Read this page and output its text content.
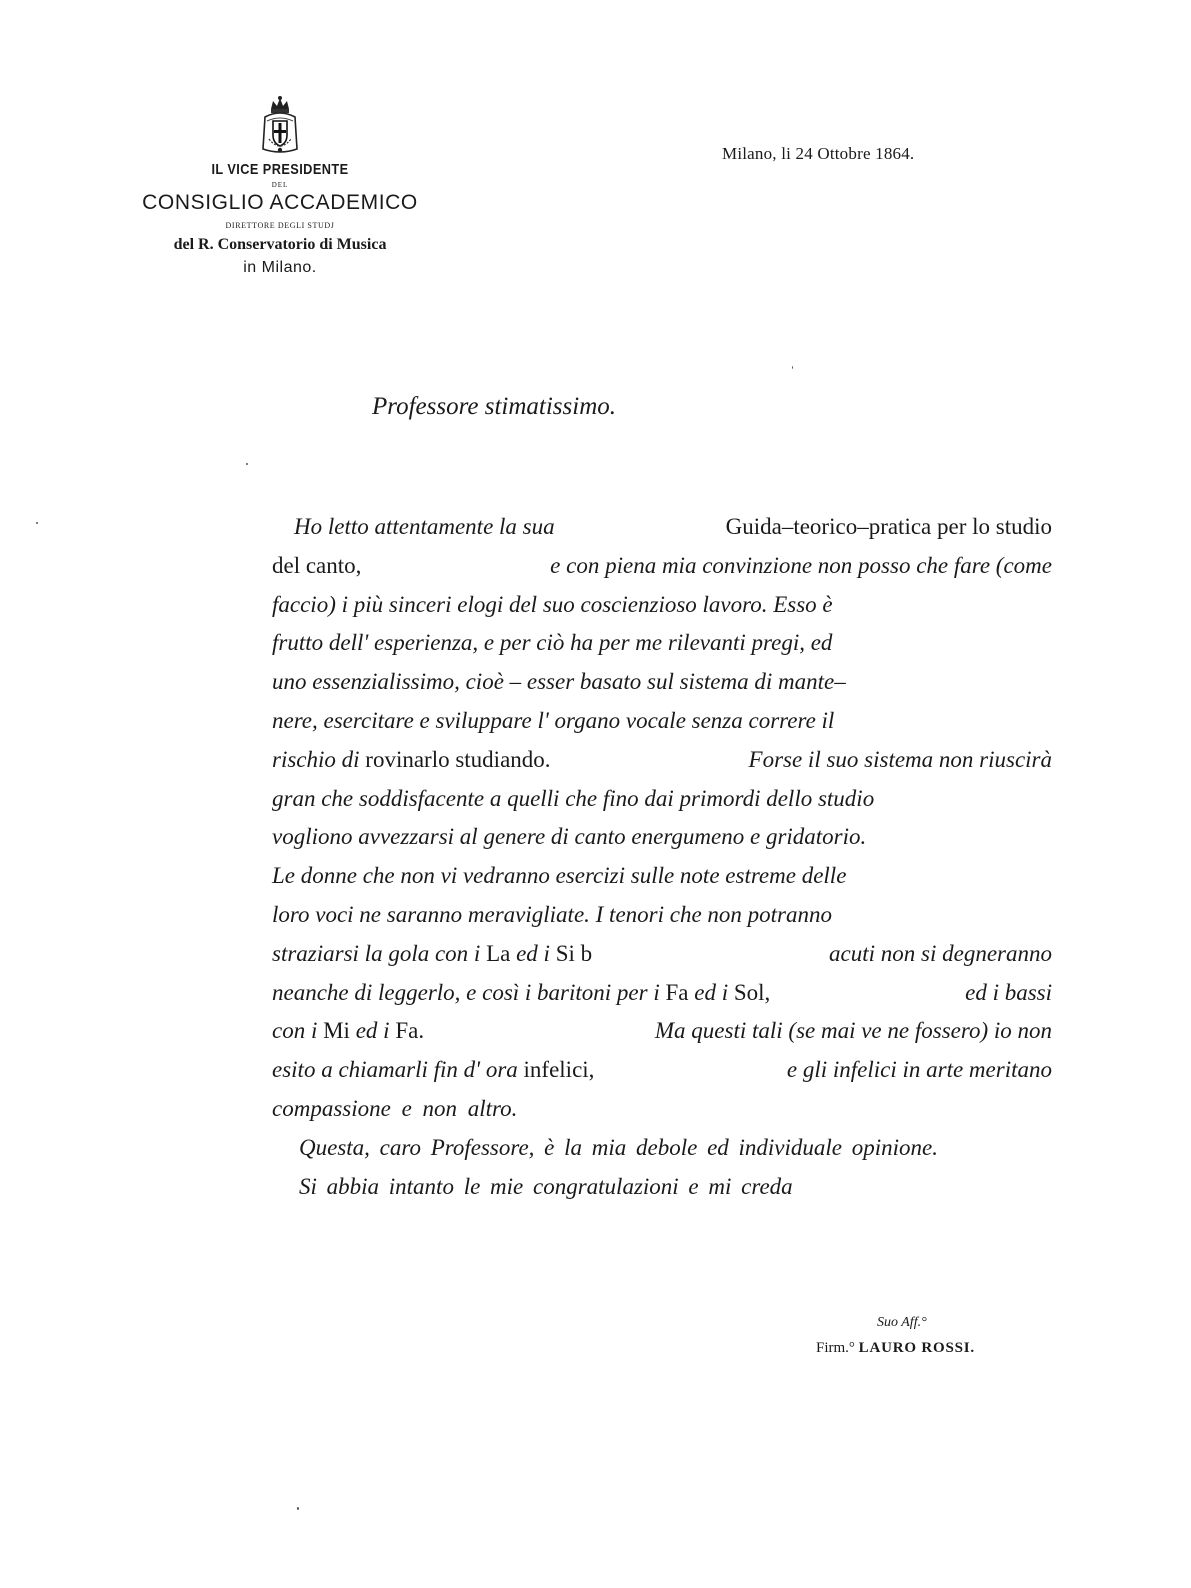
IL VICE PRESIDENTE
DEL
CONSIGLIO ACCADEMICO
DIRETTORE DEGLI STUDJ
del R. Conservatorio di Musica
in Milano.
Milano, li 24 Ottobre 1864.
Professore stimatissimo.
Ho letto attentamente la sua	Guida–teorico–pratica per lo studio
del canto,	e con piena mia convinzione non posso che fare (come
faccio) i più sinceri elogi del suo coscienzioso lavoro. Esso è
frutto dell' esperienza, e per ciò ha per me rilevanti pregi, ed
uno essenzialissimo, cioè – esser basato sul sistema di mante–
nere, esercitare e sviluppare l' organo vocale senza correre il
rischio di rovinarlo studiando.	Forse il suo sistema non riuscirà
gran che soddisfacente a quelli che fino dai primordi dello studio
vogliono avvezzarsi al genere di canto energumeno e gridatorio.
Le donne che non vi vedranno esercizi sulle note estreme delle
loro voci ne saranno meravigliate. I tenori che non potranno
straziarsi la gola con i La ed i Si b	acuti non si degneranno
neanche di leggerlo, e così i baritoni per i Fa ed i Sol,	ed i bassi
con i Mi ed i Fa.	Ma questi tali (se mai ve ne fossero) io non
esito a chiamarli fin d' ora infelici,	e gli infelici in arte meritano
compassione e non altro.
Questa, caro Professore, è la mia debole ed individuale opinione.
Si abbia intanto le mie congratulazioni e mi creda
Suo Aff.°
Firm.° LAURO ROSSI.
